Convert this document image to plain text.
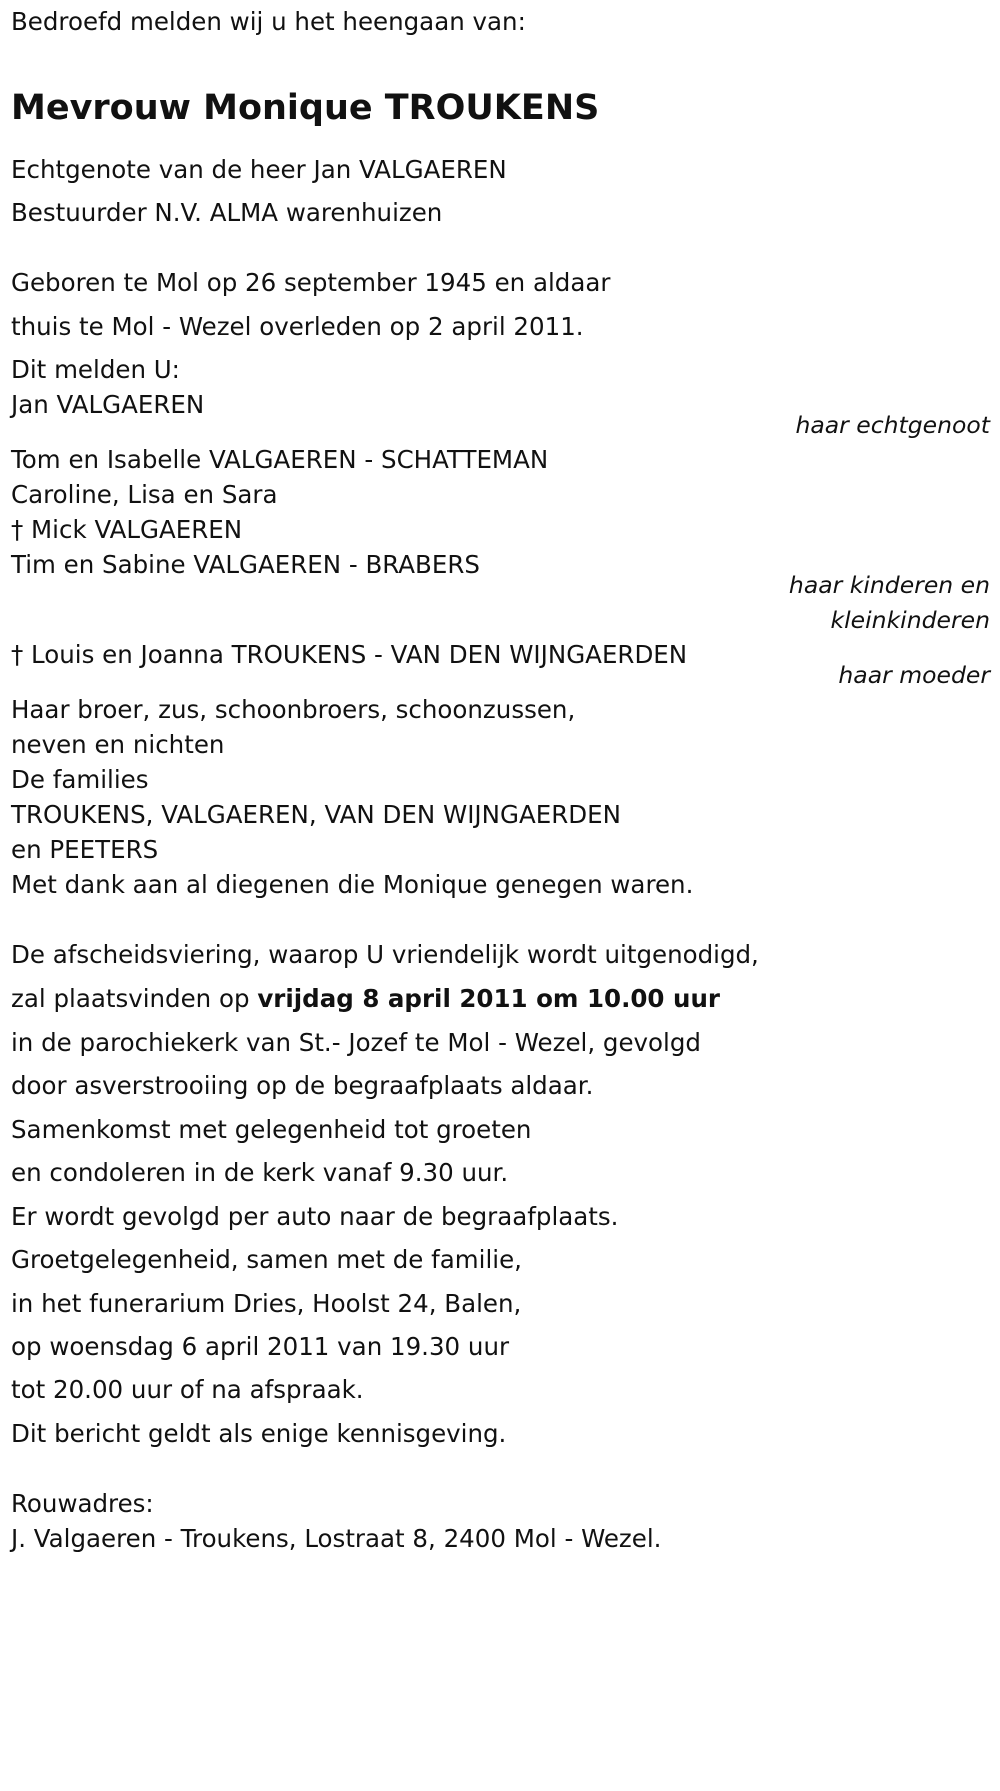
Bedroefd melden wij u het heengaan van:
Mevrouw Monique TROUKENS
Echtgenote van de heer Jan VALGAEREN
Bestuurder N.V. ALMA warenhuizen
Geboren te Mol op 26 september 1945 en aldaar
thuis te Mol - Wezel overleden op 2 april 2011.
Dit melden U:
Jan VALGAEREN
haar echtgenoot
Tom en Isabelle VALGAEREN - SCHATTEMAN
Caroline, Lisa en Sara
† Mick VALGAEREN
Tim en Sabine VALGAEREN - BRABERS
haar kinderen en
kleinkinderen
† Louis en Joanna TROUKENS - VAN DEN WIJNGAERDEN
haar moeder
Haar broer, zus, schoonbroers, schoonzussen,
neven en nichten
De families
TROUKENS, VALGAEREN, VAN DEN WIJNGAERDEN
en PEETERS
Met dank aan al diegenen die Monique genegen waren.
De afscheidsviering, waarop U vriendelijk wordt uitgenodigd,
zal plaatsvinden op vrijdag 8 april 2011 om 10.00 uur
in de parochiekerk van St.- Jozef te Mol - Wezel, gevolgd
door asverstrooiing op de begraafplaats aldaar.
Samenkomst met gelegenheid tot groeten
en condoleren in de kerk vanaf 9.30 uur.
Er wordt gevolgd per auto naar de begraafplaats.
Groetgelegenheid, samen met de familie,
in het funerarium Dries, Hoolst 24, Balen,
op woensdag 6 april 2011 van 19.30 uur
tot 20.00 uur of na afspraak.
Dit bericht geldt als enige kennisgeving.
Rouwadres:
J. Valgaeren - Troukens, Lostraat 8, 2400 Mol - Wezel.
